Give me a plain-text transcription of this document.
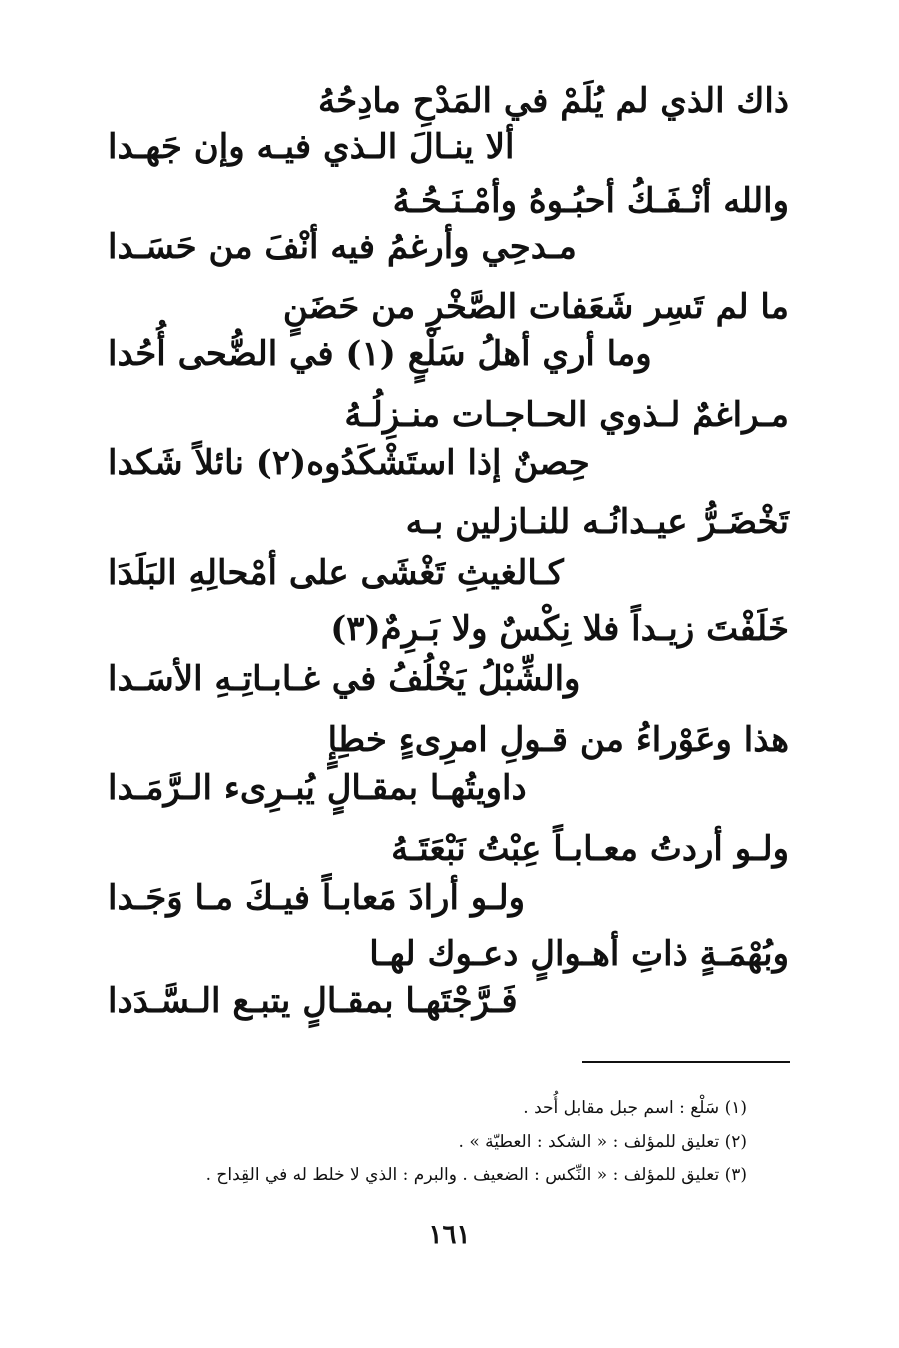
ذاك الذي لم يُلَمْ في المَدْحِ مادِحُهُ
ألا ينـالَ الـذي فيـه وإن جَهـدا
والله أنْـفَـكُ أحبُـوهُ وأمْـنَـحُـهُ
مـدحِي وأرغمُ فيه أنْفَ من حَسَـدا
ما لم تَسِر شَعَفات الصَّخْرِ من حَضَنٍ
وما أري أهلُ سَلْعٍ (١) في الضُّحى أُحُدا
مـراغمٌ لـذوي الحـاجـات منـزِلُـهُ
حِصنٌ إذا استَشْكَدُوه(٢) نائلاً شَكدا
تَخْضَـرُّ عيـدانُـه للنـازلين بـه
كـالغيثِ تَغْشَى على أمْحالِهِ البَلَدَا
خَلَفْتَ زيـداً فلا نِكْسٌ ولا بَـرِمٌ(٣)
والشِّبْلُ يَخْلُفُ في غـابـاتِـهِ الأسَـدا
هذا وعَوْراءُ من قـولِ امرِىءٍ خطِإٍ
داويتُهـا بمقـالٍ يُبـرِىء الـرَّمَـدا
ولـو أردتُ معـابـاً عِبْتُ نَبْعَتَـهُ
ولـو أرادَ مَعابـاً فيـكَ مـا وَجَـدا
وبُهْمَـةٍ ذاتِ أهـوالٍ دعـوك لهـا
فَـرَّجْتَهـا بمقـالٍ يتبـع الـسَّـدَدا
(١) سَلْع : اسم جبل مقابل أُحد .
(٢) تعليق للمؤلف : « الشكد : العطيّة » .
(٣) تعليق للمؤلف : « النِّكس : الضعيف . والبرم : الذي لا خلط له في القِداح .
١٦١
